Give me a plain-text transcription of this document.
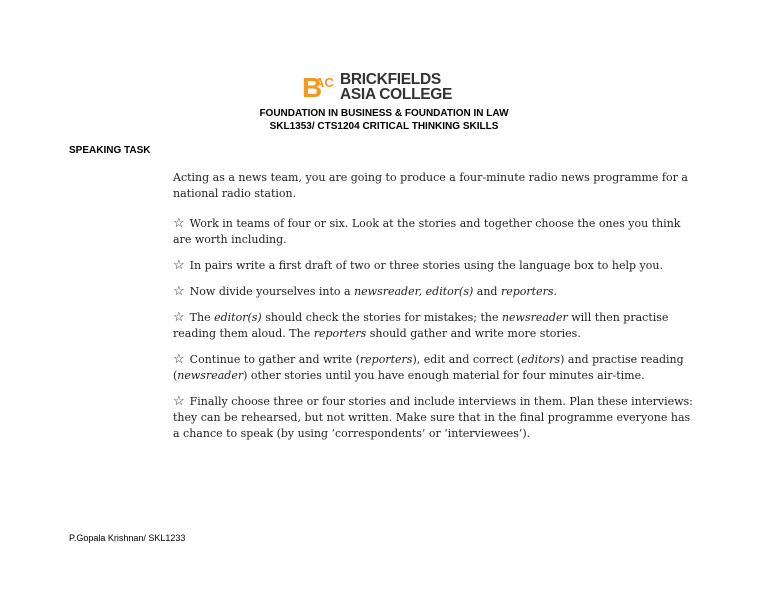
B
AC BRICKFIELDS
ASIA COLLEGE
FOUNDATION IN BUSINESS & FOUNDATION IN LAW
SKL1353/ CTS1204 CRITICAL THINKING SKILLS
SPEAKING TASK

Acting as a news team, you are going to produce a four-minute radio news programme for a national radio station.

☆ Work in teams of four or six. Look at the stories and together choose the ones you think are worth including.

☆ In pairs write a first draft of two or three stories using the language box to help you.

☆ Now divide yourselves into a newsreader, editor(s) and reporters.

☆ The editor(s) should check the stories for mistakes; the newsreader will then practise reading them aloud. The reporters should gather and write more stories.

☆ Continue to gather and write (reporters), edit and correct (editors) and practise reading (newsreader) other stories until you have enough material for four minutes air-time.

☆ Finally choose three or four stories and include interviews in them. Plan these interviews: they can be rehearsed, but not written. Make sure that in the final programme everyone has a chance to speak (by using ‘correspondents’ or ‘interviewees’).

P.Gopala Krishnan/ SKL1233
